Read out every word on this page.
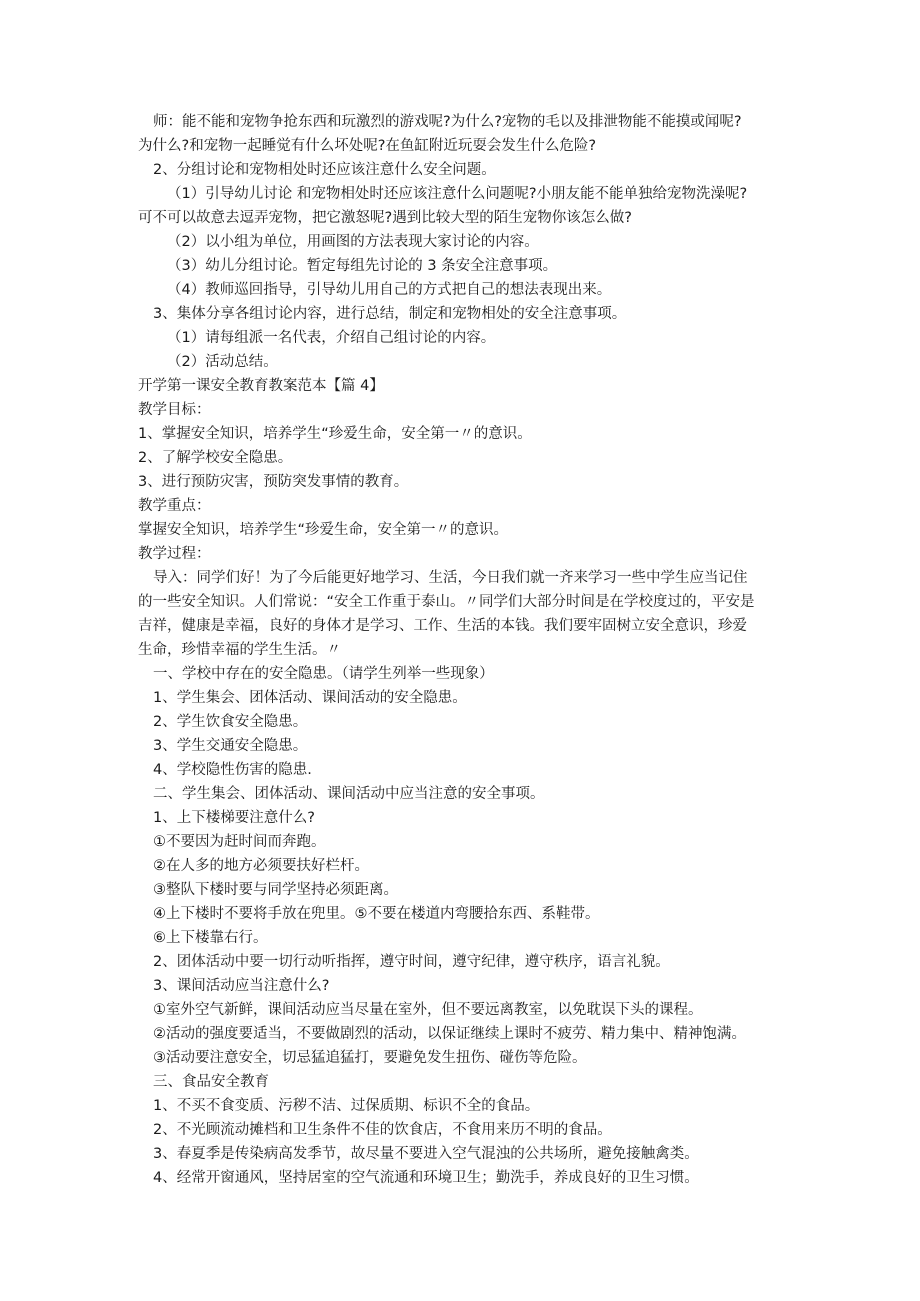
师：能不能和宠物争抢东西和玩激烈的游戏呢?为什么?宠物的毛以及排泄物能不能摸或闻呢?
为什么?和宠物一起睡觉有什么坏处呢?在鱼缸附近玩耍会发生什么危险?
2、分组讨论和宠物相处时还应该注意什么安全问题。
（1）引导幼儿讨论 和宠物相处时还应该注意什么问题呢?小朋友能不能单独给宠物洗澡呢?
可不可以故意去逗弄宠物，把它激怒呢?遇到比较大型的陌生宠物你该怎么做?
（2）以小组为单位，用画图的方法表现大家讨论的内容。
（3）幼儿分组讨论。暂定每组先讨论的 3 条安全注意事项。
（4）教师巡回指导，引导幼儿用自己的方式把自己的想法表现出来。
3、集体分享各组讨论内容，进行总结，制定和宠物相处的安全注意事项。
（1）请每组派一名代表，介绍自己组讨论的内容。
（2）活动总结。
开学第一课安全教育教案范本【篇 4】
教学目标：
1、掌握安全知识，培养学生“珍爱生命，安全第一〃的意识。
2、了解学校安全隐患。
3、进行预防灾害，预防突发事情的教育。
教学重点：
掌握安全知识，培养学生“珍爱生命，安全第一〃的意识。
教学过程：
导入：同学们好！为了今后能更好地学习、生活，今日我们就一齐来学习一些中学生应当记住
的一些安全知识。人们常说：“安全工作重于泰山。〃同学们大部分时间是在学校度过的，平安是
吉祥，健康是幸福，良好的身体才是学习、工作、生活的本钱。我们要牢固树立安全意识，珍爱
生命，珍惜幸福的学生生活。〃
一、学校中存在的安全隐患。（请学生列举一些现象）
1、学生集会、团体活动、课间活动的安全隐患。
2、学生饮食安全隐患。
3、学生交通安全隐患。
4、学校隐性伤害的隐患.
二、学生集会、团体活动、课间活动中应当注意的安全事项。
1、上下楼梯要注意什么?
①不要因为赶时间而奔跑。
②在人多的地方必须要扶好栏杆。
③整队下楼时要与同学坚持必须距离。
④上下楼时不要将手放在兜里。⑤不要在楼道内弯腰拾东西、系鞋带。
⑥上下楼靠右行。
2、团体活动中要一切行动听指挥，遵守时间，遵守纪律，遵守秩序，语言礼貌。
3、课间活动应当注意什么?
①室外空气新鲜，课间活动应当尽量在室外，但不要远离教室，以免耽误下头的课程。
②活动的强度要适当，不要做剧烈的活动，以保证继续上课时不疲劳、精力集中、精神饱满。
③活动要注意安全，切忌猛追猛打，要避免发生扭伤、碰伤等危险。
三、食品安全教育
1、不买不食变质、污秽不洁、过保质期、标识不全的食品。
2、不光顾流动摊档和卫生条件不佳的饮食店，不食用来历不明的食品。
3、春夏季是传染病高发季节，故尽量不要进入空气混浊的公共场所，避免接触禽类。
4、经常开窗通风，坚持居室的空气流通和环境卫生；勤洗手，养成良好的卫生习惯。
